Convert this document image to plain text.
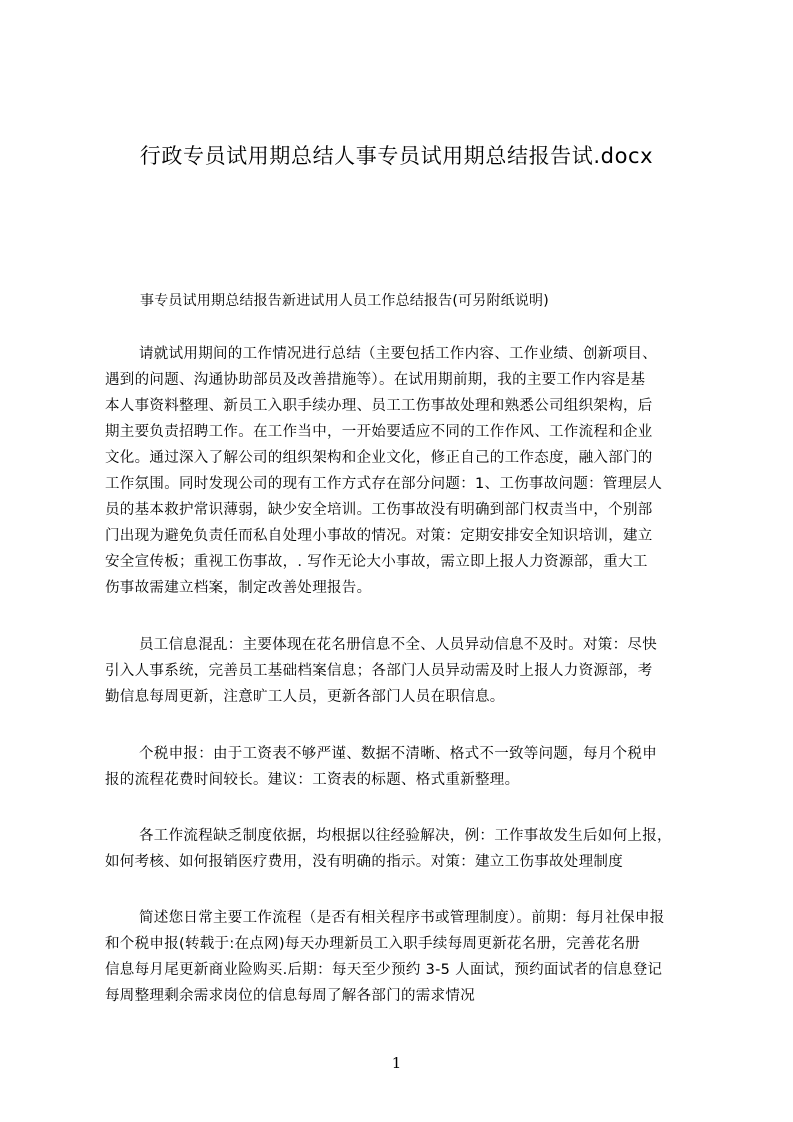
行政专员试用期总结人事专员试用期总结报告试.docx
事专员试用期总结报告新进试用人员工作总结报告(可另附纸说明)
请就试用期间的工作情况进行总结（主要包括工作内容、工作业绩、创新项目、
遇到的问题、沟通协助部员及改善措施等）。在试用期前期，我的主要工作内容是基
本人事资料整理、新员工入职手续办理、员工工伤事故处理和熟悉公司组织架构，后
期主要负责招聘工作。在工作当中，一开始要适应不同的工作作风、工作流程和企业
文化。通过深入了解公司的组织架构和企业文化，修正自己的工作态度，融入部门的
工作氛围。同时发现公司的现有工作方式存在部分问题：1、工伤事故问题：管理层人
员的基本救护常识薄弱，缺少安全培训。工伤事故没有明确到部门权责当中，个别部
门出现为避免负责任而私自处理小事故的情况。对策：定期安排安全知识培训，建立
安全宣传板；重视工伤事故，. 写作无论大小事故，需立即上报人力资源部，重大工
伤事故需建立档案，制定改善处理报告。
员工信息混乱：主要体现在花名册信息不全、人员异动信息不及时。对策：尽快
引入人事系统，完善员工基础档案信息；各部门人员异动需及时上报人力资源部，考
勤信息每周更新，注意旷工人员，更新各部门人员在职信息。
个税申报：由于工资表不够严谨、数据不清晰、格式不一致等问题，每月个税申
报的流程花费时间较长。建议：工资表的标题、格式重新整理。
各工作流程缺乏制度依据，均根据以往经验解决，例：工作事故发生后如何上报，
如何考核、如何报销医疗费用，没有明确的指示。对策：建立工伤事故处理制度
简述您日常主要工作流程（是否有相关程序书或管理制度）。前期：每月社保申报
和个税申报(转载于:在点网)每天办理新员工入职手续每周更新花名册，完善花名册
信息每月尾更新商业险购买.后期：每天至少预约 3-5 人面试，预约面试者的信息登记
每周整理剩余需求岗位的信息每周了解各部门的需求情况
1
